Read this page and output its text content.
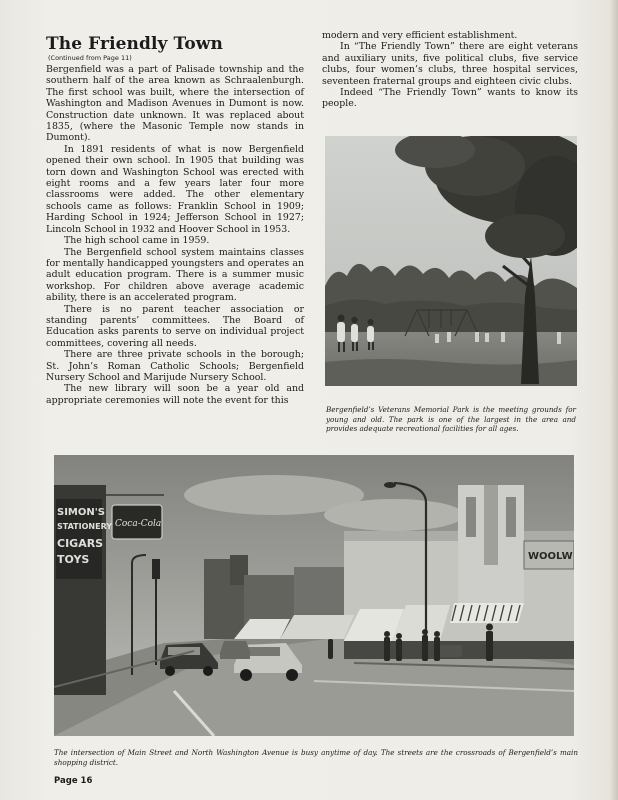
The Friendly Town
(Continued from Page 11)

Bergenfield was a part of Palisade township and the southern half of the area known as Schraalenburgh. The first school was built, where the intersection of Washington and Madison Avenues in Dumont is now. Construction date unknown. It was replaced about 1835, (where the Masonic Temple now stands in Dumont).

In 1891 residents of what is now Bergenfield opened their own school. In 1905 that building was torn down and Washington School was erected with eight rooms and a few years later four more classrooms were added. The other elementary schools came as follows: Franklin School in 1909; Harding School in 1924; Jefferson School in 1927; Lincoln School in 1932 and Hoover School in 1953.

The high school came in 1959.

The Bergenfield school system maintains classes for mentally handicapped youngsters and operates an adult education program. There is a summer music workshop. For children above average academic ability, there is an accelerated program.

There is no parent teacher association or standing parents’ committees. The Board of Education asks parents to serve on individual project committees, covering all needs.

There are three private schools in the borough; St. John’s Roman Catholic Schools; Bergenfield Nursery School and Marijude Nursery School.

The new library will soon be a year old and appropriate ceremonies will note the event for this

modern and very efficient establishment.

In “The Friendly Town” there are eight veterans and auxiliary units, five political clubs, five service clubs, four women’s clubs, three hospital services, seventeen fraternal groups and eighteen civic clubs.

Indeed “The Friendly Town” wants to know its people.

Bergenfield’s Veterans Memorial Park is the meeting grounds for young and old. The park is one of the largest in the area and provides adequate recreational facilities for all ages.
SIMON'S
STATIONERY
CIGARS
TOYS
Coca-Cola
WOOLW
The intersection of Main Street and North Washington Avenue is busy anytime of day. The streets are the crossroads of Bergenfield’s main shopping district.
Page 16
